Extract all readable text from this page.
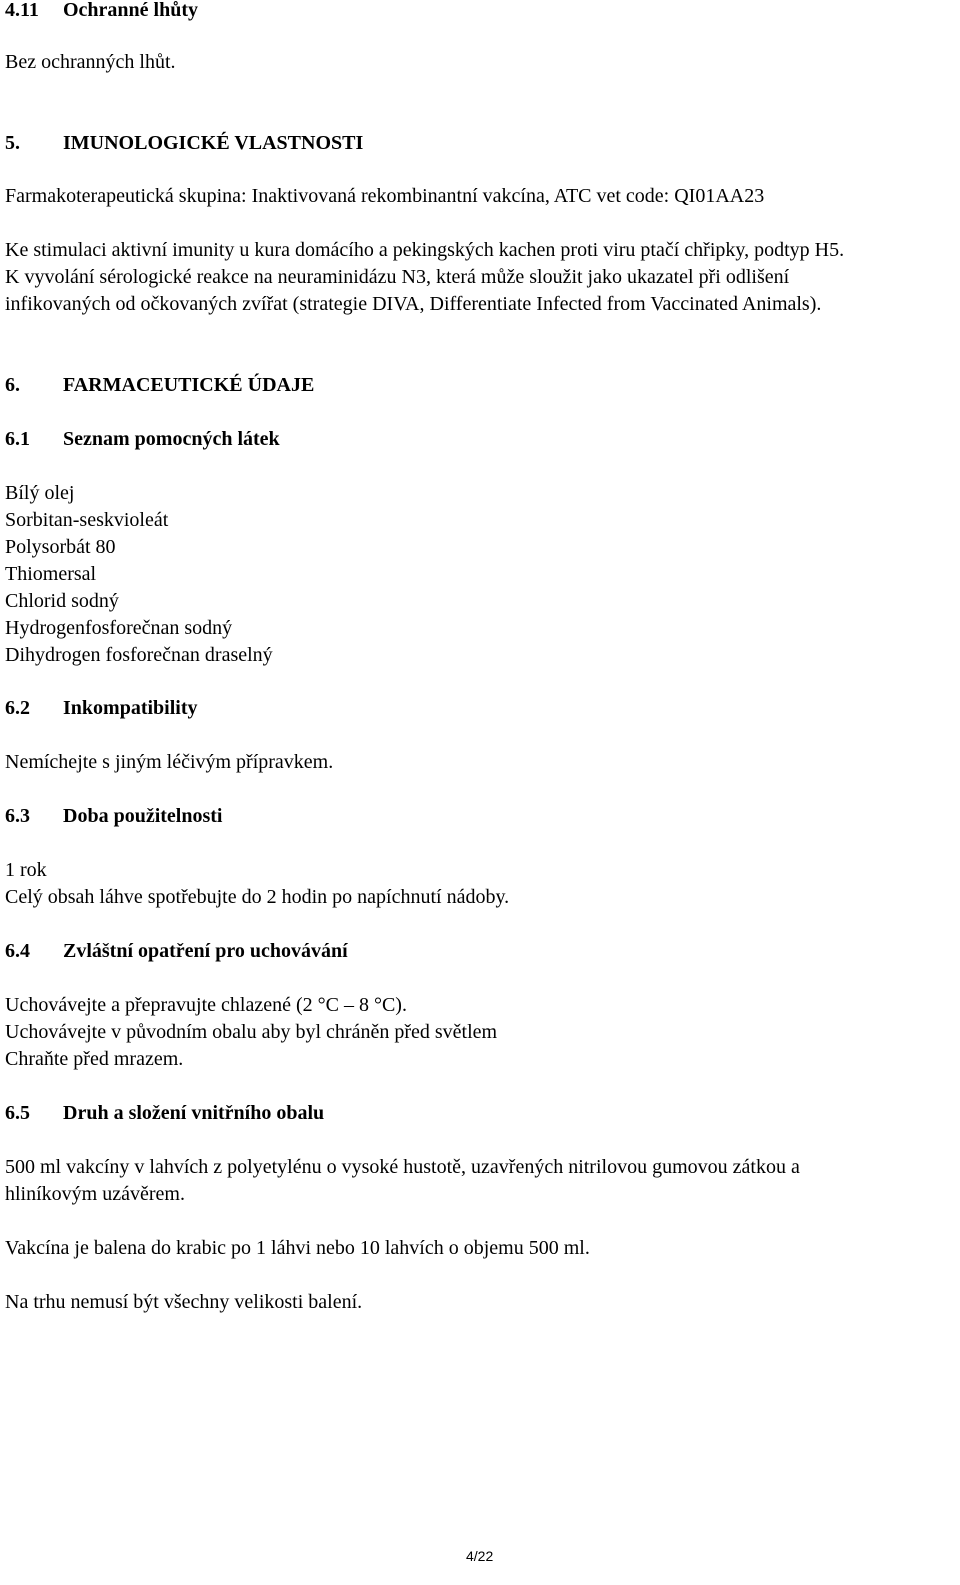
4.11 Ochranné lhůty
Bez ochranných lhůt.
5. IMUNOLOGICKÉ VLASTNOSTI
Farmakoterapeutická skupina: Inaktivovaná rekombinantní vakcína, ATC vet code: QI01AA23
Ke stimulaci aktivní imunity u kura domácího a pekingských kachen proti viru ptačí chřipky, podtyp H5.
K vyvolání sérologické reakce na neuraminidázu N3, která může sloužit jako ukazatel při odlišení
infikovaných od očkovaných zvířat (strategie DIVA, Differentiate Infected from Vaccinated Animals).
6. FARMACEUTICKÉ ÚDAJE
6.1 Seznam pomocných látek
Bílý olej
Sorbitan-seskvioleát
Polysorbát 80
Thiomersal
Chlorid sodný
Hydrogenfosforečnan sodný
Dihydrogen fosforečnan draselný
6.2 Inkompatibility
Nemíchejte s jiným léčivým přípravkem.
6.3 Doba použitelnosti
1 rok
Celý obsah láhve spotřebujte do 2 hodin po napíchnutí nádoby.
6.4 Zvláštní opatření pro uchovávání
Uchovávejte a přepravujte chlazené (2 °C – 8 °C).
Uchovávejte v původním obalu aby byl chráněn před světlem
Chraňte před mrazem.
6.5 Druh a složení vnitřního obalu
500 ml vakcíny v lahvích z polyetylénu o vysoké hustotě, uzavřených nitrilovou gumovou zátkou a
hliníkovým uzávěrem.
Vakcína je balena do krabic po 1 láhvi nebo 10 lahvích o objemu 500 ml.
Na trhu nemusí být všechny velikosti balení.
4/22
